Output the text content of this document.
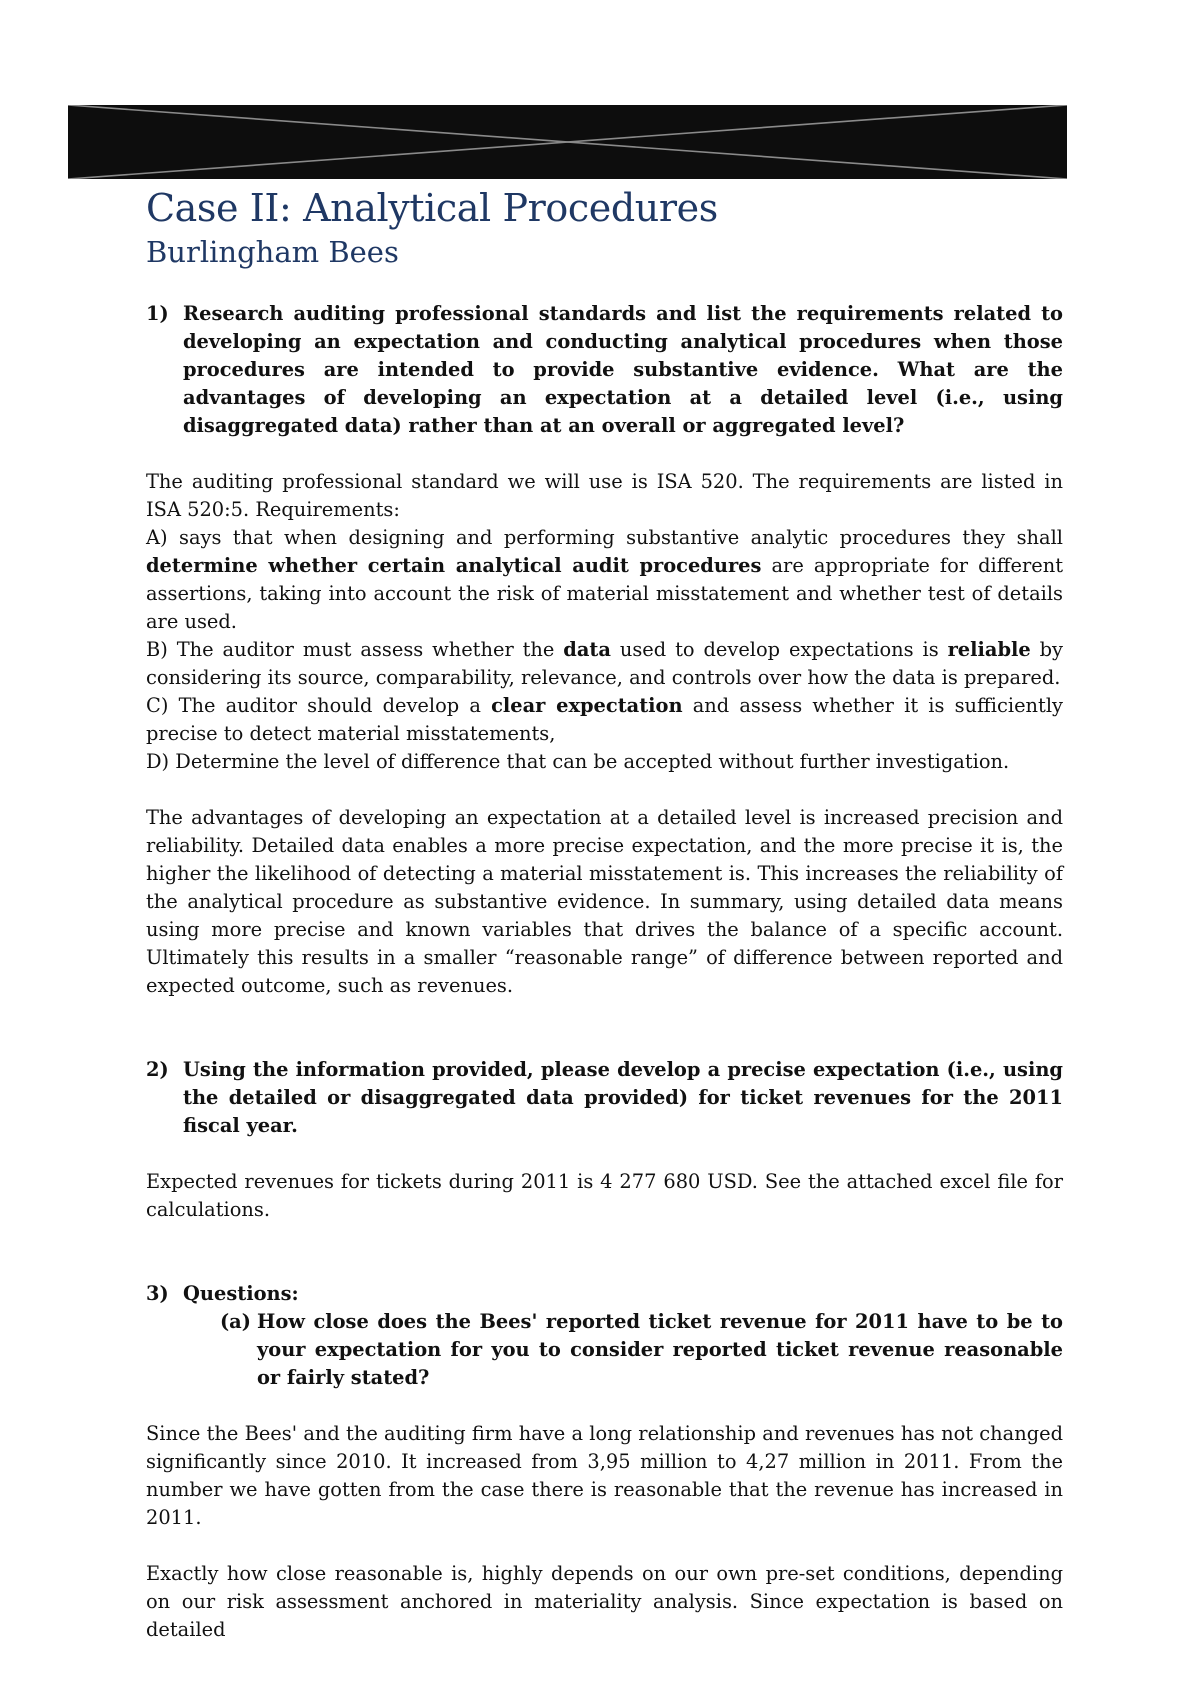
Case II: Analytical Procedures
Burlingham Bees
1) Research auditing professional standards and list the requirements related to developing an expectation and conducting analytical procedures when those procedures are intended to provide substantive evidence. What are the advantages of developing an expectation at a detailed level (i.e., using disaggregated data) rather than at an overall or aggregated level?

The auditing professional standard we will use is ISA 520. The requirements are listed in ISA 520:5. Requirements:

A) says that when designing and performing substantive analytic procedures they shall determine whether certain analytical audit procedures are appropriate for different assertions, taking into account the risk of material misstatement and whether test of details are used.

B) The auditor must assess whether the data used to develop expectations is reliable by considering its source, comparability, relevance, and controls over how the data is prepared.

C) The auditor should develop a clear expectation and assess whether it is sufficiently precise to detect material misstatements,

D) Determine the level of difference that can be accepted without further investigation.

The advantages of developing an expectation at a detailed level is increased precision and reliability. Detailed data enables a more precise expectation, and the more precise it is, the higher the likelihood of detecting a material misstatement is. This increases the reliability of the analytical procedure as substantive evidence. In summary, using detailed data means using more precise and known variables that drives the balance of a specific account. Ultimately this results in a smaller “reasonable range” of difference between reported and expected outcome, such as revenues.

2) Using the information provided, please develop a precise expectation (i.e., using the detailed or disaggregated data provided) for ticket revenues for the 2011 fiscal year.

Expected revenues for tickets during 2011 is 4 277 680 USD. See the attached excel file for calculations.

3) Questions:
(a) How close does the Bees' reported ticket revenue for 2011 have to be to your expectation for you to consider reported ticket revenue reasonable or fairly stated?

Since the Bees' and the auditing firm have a long relationship and revenues has not changed significantly since 2010. It increased from 3,95 million to 4,27 million in 2011. From the number we have gotten from the case there is reasonable that the revenue has increased in 2011.

Exactly how close reasonable is, highly depends on our own pre-set conditions, depending on our risk assessment anchored in materiality analysis. Since expectation is based on detailed
